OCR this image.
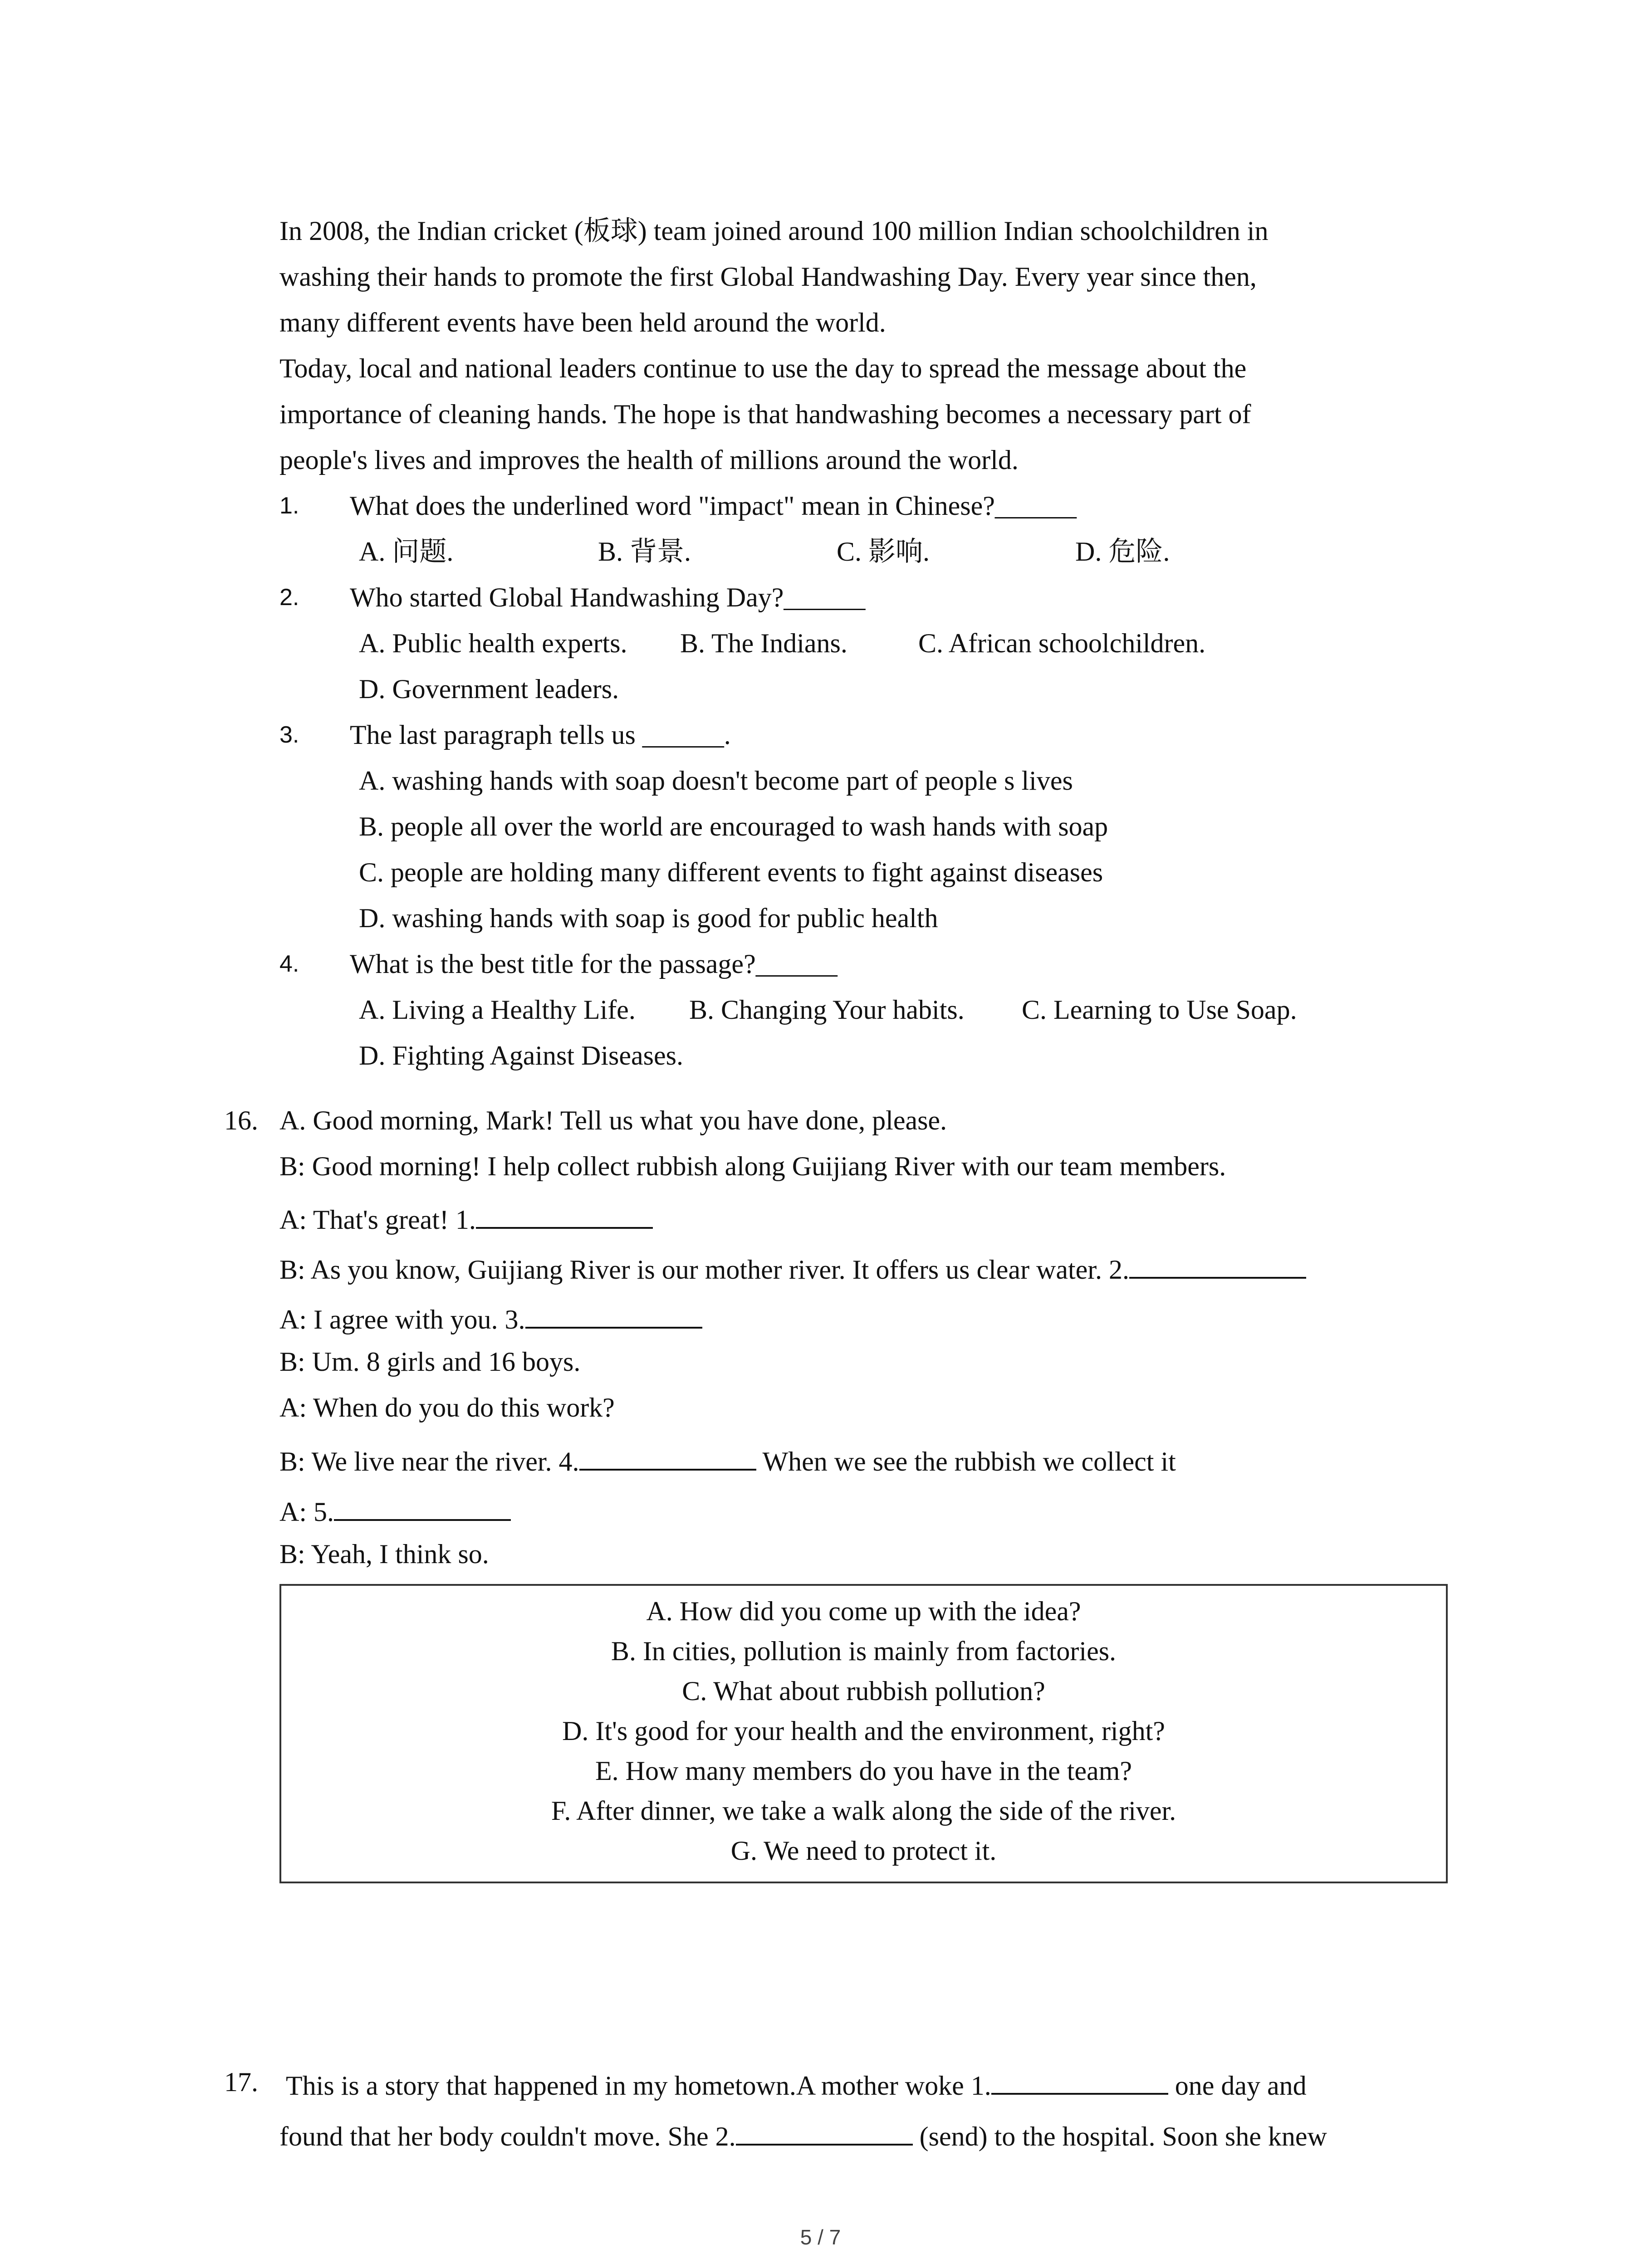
In 2008, the Indian cricket (板球) team joined around 100 million Indian schoolchildren in
washing their hands to promote the first Global Handwashing Day. Every year since then,
many different events have been held around the world.
Today, local and national leaders continue to use the day to spread the message about the
importance of cleaning hands. The hope is that handwashing becomes a necessary part of
people's lives and improves the health of millions around the world.
1. What does the underlined word "impact" mean in Chinese?______
A. 问题.	B. 背景.	C. 影响.	D. 危险.
2. Who started Global Handwashing Day?______
A. Public health experts. B. The Indians.	C. African schoolchildren.
D. Government leaders.
3. The last paragraph tells us ______.
A. washing hands with soap doesn't become part of people s lives
B. people all over the world are encouraged to wash hands with soap
C. people are holding many different events to fight against diseases
D. washing hands with soap is good for public health
4. What is the best title for the passage?______
A. Living a Healthy Life. B. Changing Your habits. C. Learning to Use Soap.
D. Fighting Against Diseases.
16. A. Good morning, Mark! Tell us what you have done, please.
B: Good morning! I help collect rubbish along Guijiang River with our team members.
A: That's great! 1.
B: As you know, Guijiang River is our mother river. It offers us clear water. 2.
A: I agree with you. 3.
B: Um. 8 girls and 16 boys.
A: When do you do this work?
B: We live near the river. 4.	When we see the rubbish we collect it
A: 5.
B: Yeah, I think so.
A. How did you come up with the idea?
B. In cities, pollution is mainly from factories.
C. What about rubbish pollution?
D. It's good for your health and the environment, right?
E. How many members do you have in the team?
F. After dinner, we take a walk along the side of the river.
G. We need to protect it.
17. This is a story that happened in my hometown.A mother woke 1.	one day and
found that her body couldn't move. She 2.	(send) to the hospital. Soon she knew
5 / 7
